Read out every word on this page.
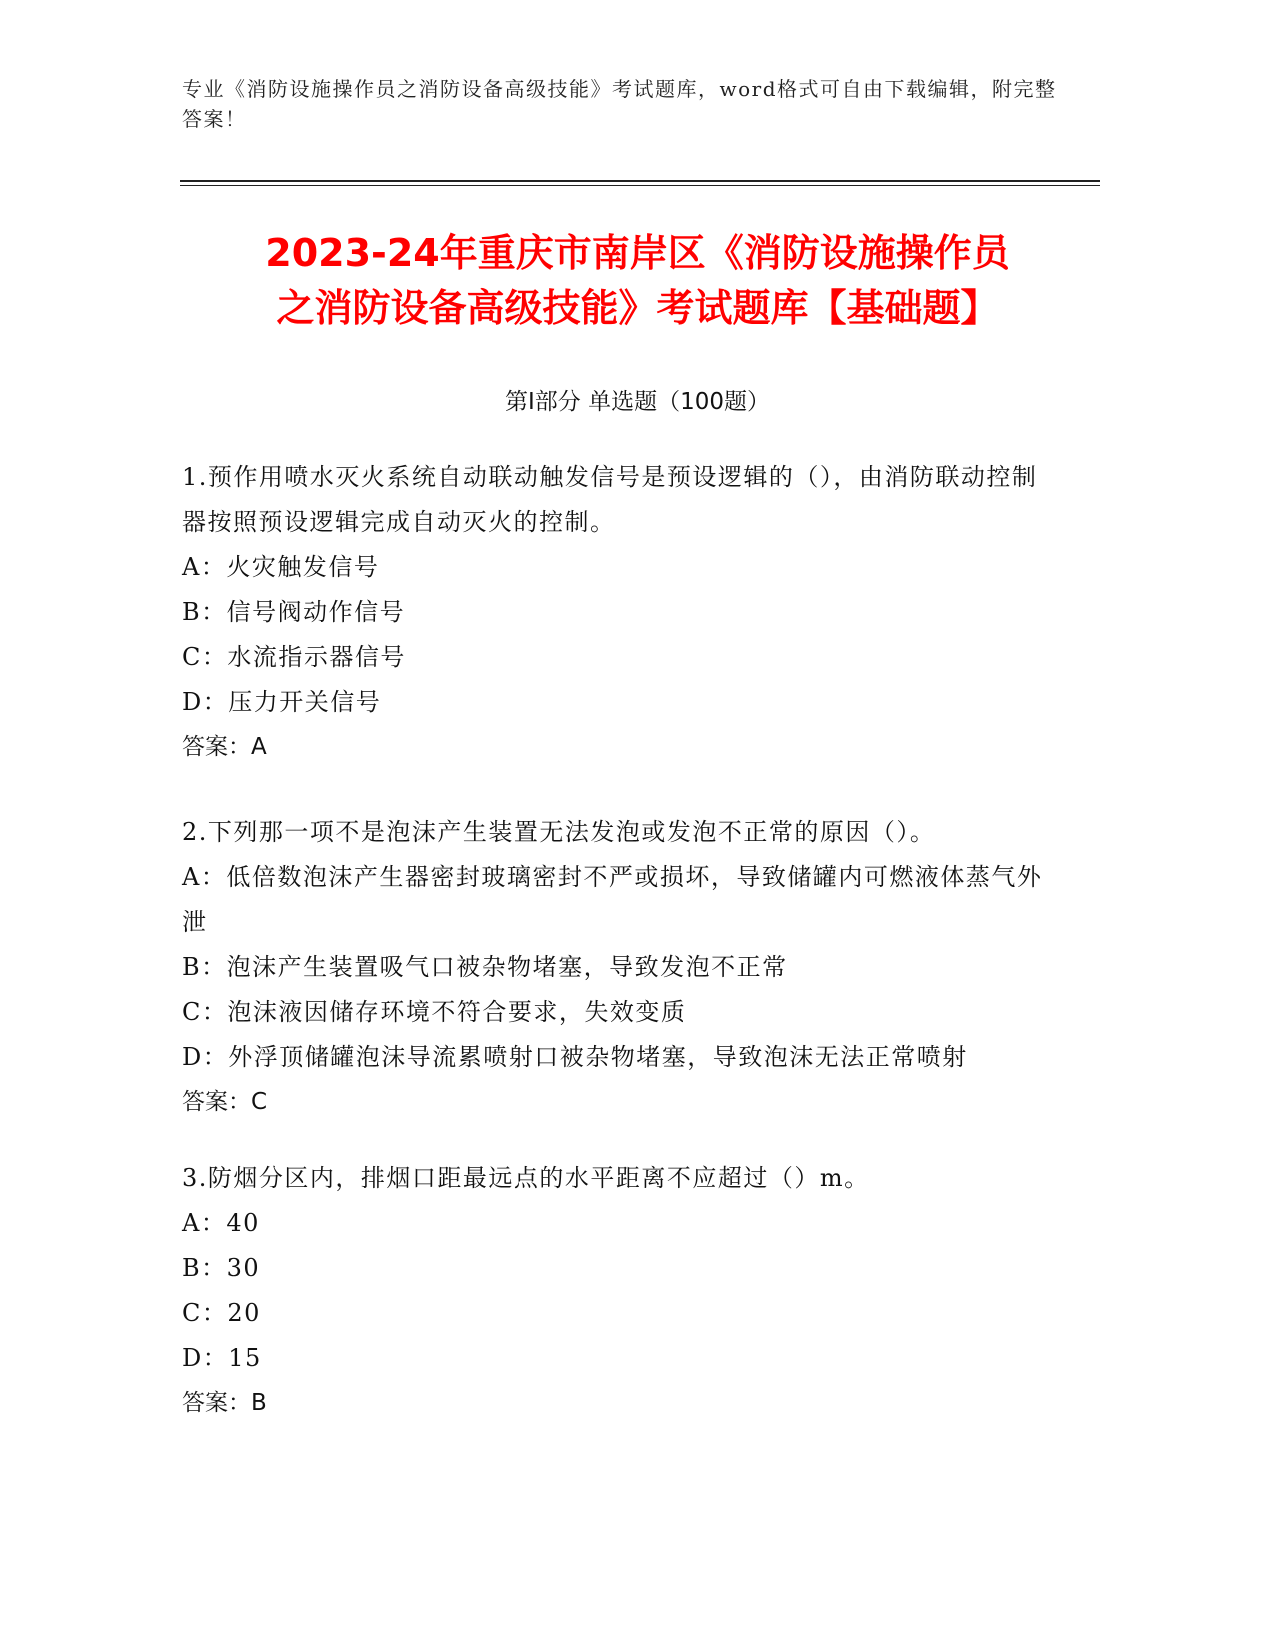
专业《消防设施操作员之消防设备高级技能》考试题库，word格式可自由下载编辑，附完整答案！
2023-24年重庆市南岸区《消防设施操作员
之消防设备高级技能》考试题库【基础题】
第I部分 单选题（100题）
1.预作用喷水灭火系统自动联动触发信号是预设逻辑的（），由消防联动控制器按照预设逻辑完成自动灭火的控制。
A：火灾触发信号
B：信号阀动作信号
C：水流指示器信号
D：压力开关信号
答案：A
2.下列那一项不是泡沫产生装置无法发泡或发泡不正常的原因（）。
A：低倍数泡沫产生器密封玻璃密封不严或损坏，导致储罐内可燃液体蒸气外泄
B：泡沫产生装置吸气口被杂物堵塞，导致发泡不正常
C：泡沫液因储存环境不符合要求，失效变质
D：外浮顶储罐泡沫导流累喷射口被杂物堵塞，导致泡沫无法正常喷射
答案：C
3.防烟分区内，排烟口距最远点的水平距离不应超过（）m。
A：40
B：30
C：20
D：15
答案：B
